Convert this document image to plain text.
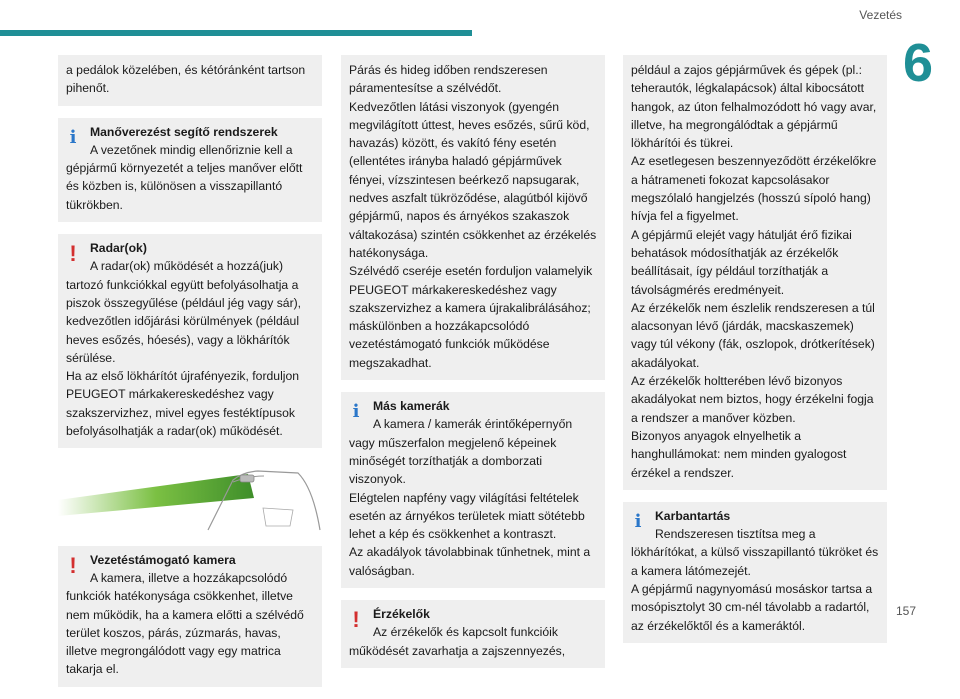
Vezetés
6
a pedálok közelében, és kétóránként tartson pihenőt.
i	Manőverezést segítő rendszerek
A vezetőnek mindig ellenőriznie kell a
gépjármű környezetét a teljes manőver előtt és közben is, különösen a visszapillantó tükrökben.
!	Radar(ok)
A radar(ok) működését a hozzá(juk)
tartozó funkciókkal együtt befolyásolhatja a piszok összegyűlése (például jég vagy sár), kedvezőtlen időjárási körülmények (például heves esőzés, hóesés), vagy a lökhárítók sérülése.
Ha az első lökhárítót újrafényezik, forduljon PEUGEOT márkakereskedéshez vagy szakszervizhez, mivel egyes festéktípusok befolyásolhatják a radar(ok) működését.
!	Vezetéstámogató kamera
A kamera, illetve a hozzákapcsolódó
funkciók hatékonysága csökkenhet, illetve nem működik, ha a kamera előtti a szélvédő terület koszos, párás, zúzmarás, havas, illetve megrongálódott vagy egy matrica takarja el.
Párás és hideg időben rendszeresen páramentesítse a szélvédőt.
Kedvezőtlen látási viszonyok (gyengén megvilágított úttest, heves esőzés, sűrű köd, havazás) között, és vakító fény esetén (ellentétes irányba haladó gépjárművek fényei, vízszintesen beérkező napsugarak, nedves aszfalt tükröződése, alagútból kijövő gépjármű, napos és árnyékos szakaszok váltakozása) szintén csökkenhet az érzékelés hatékonysága.
Szélvédő cseréje esetén forduljon valamelyik PEUGEOT márkakereskedéshez vagy szakszervizhez a kamera újrakalibrálásához; máskülönben a hozzákapcsolódó vezetéstámogató funkciók működése megszakadhat.
i	Más kamerák
A kamera / kamerák érintőképernyőn
vagy műszerfalon megjelenő képeinek minőségét torzíthatják a domborzati viszonyok.
Elégtelen napfény vagy világítási feltételek esetén az árnyékos területek miatt sötétebb lehet a kép és csökkenhet a kontraszt.
Az akadályok távolabbinak tűnhetnek, mint a valóságban.
!	Érzékelők
Az érzékelők és kapcsolt funkcióik
működését zavarhatja a zajszennyezés,
például a zajos gépjárművek és gépek (pl.: teherautók, légkalapácsok) által kibocsátott hangok, az úton felhalmozódott hó vagy avar, illetve, ha megrongálódtak a gépjármű lökhárítói és tükrei.
Az esetlegesen beszennyeződött érzékelőkre a hátrameneti fokozat kapcsolásakor megszólaló hangjelzés (hosszú sípoló hang) hívja fel a figyelmet.
A gépjármű elejét vagy hátulját érő fizikai behatások módosíthatják az érzékelők beállításait, így például torzíthatják a távolságmérés eredményeit.
Az érzékelők nem észlelik rendszeresen a túl alacsonyan lévő (járdák, macskaszemek) vagy túl vékony (fák, oszlopok, drótkerítések) akadályokat.
Az érzékelők holtterében lévő bizonyos akadályokat nem biztos, hogy érzékelni fogja a rendszer a manőver közben.
Bizonyos anyagok elnyelhetik a hanghullámokat: nem minden gyalogost érzékel a rendszer.
i	Karbantartás
Rendszeresen tisztítsa meg a
lökhárítókat, a külső visszapillantó tükröket és a kamera látómezejét.
A gépjármű nagynyomású mosáskor tartsa a mosópisztolyt 30 cm-nél távolabb a radartól, az érzékelőktől és a kameráktól.
157
